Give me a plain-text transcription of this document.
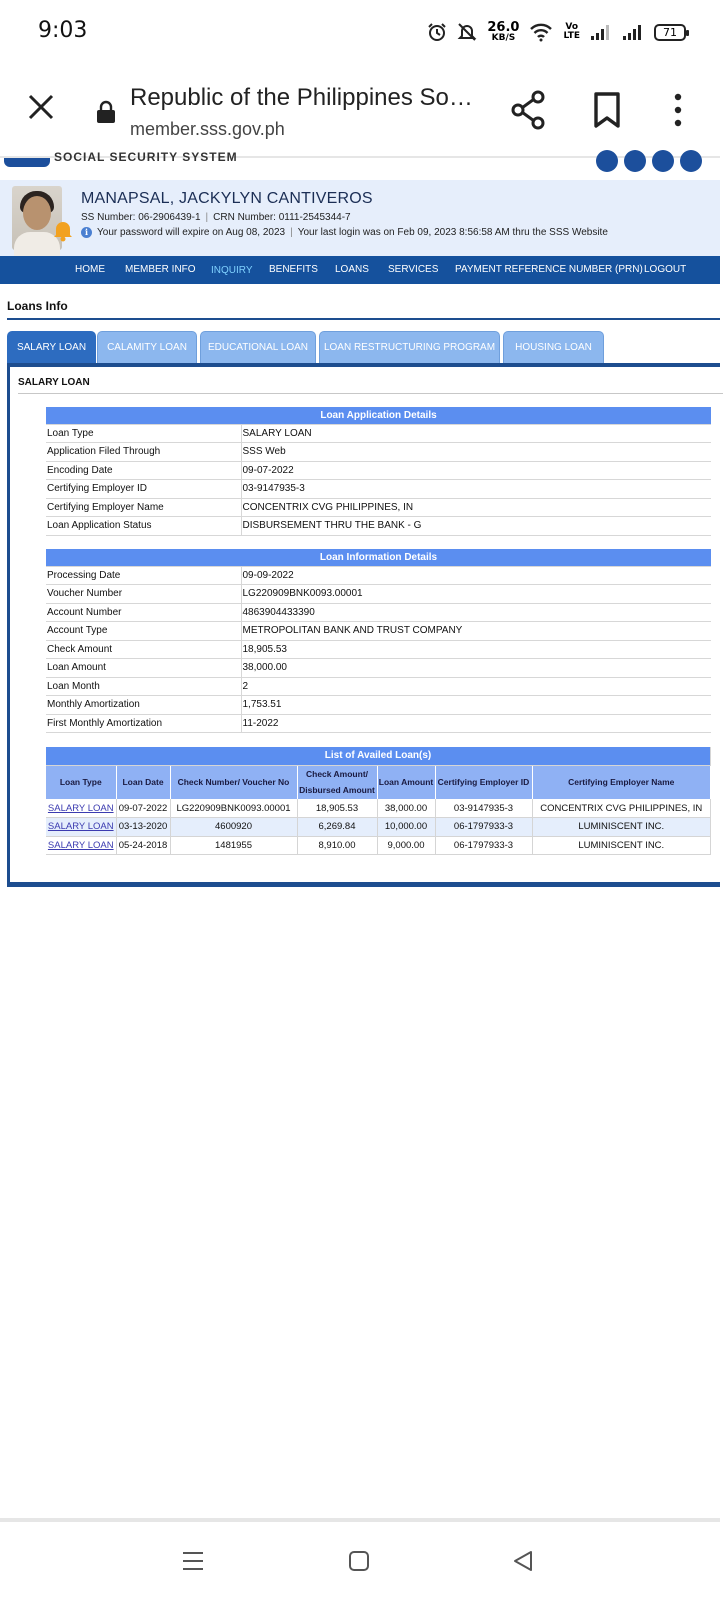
9:03	26.0
KB/S
Vo
LTE	71
Republic of the Philippines So…
member.sss.gov.ph
SOCIAL SECURITY SYSTEM
MANAPSAL, JACKYLYN CANTIVEROS
SS Number: 06-2906439-1 | CRN Number: 0111-2545344-7
i Your password will expire on Aug 08, 2023 | Your last login was on Feb 09, 2023 8:56:58 AM thru the SSS Website
HOME MEMBER INFO INQUIRY BENEFITS LOANS SERVICES PAYMENT REFERENCE NUMBER (PRN) LOGOUT
Loans Info
SALARY LOAN	CALAMITY LOAN	EDUCATIONAL LOAN	LOAN RESTRUCTURING PROGRAM	HOUSING LOAN
SALARY LOAN
Loan Application Details	
Loan Type	SALARY LOAN
Application Filed Through	SSS Web
Encoding Date	09-07-2022
Certifying Employer ID	03-9147935-3
Certifying Employer Name	CONCENTRIX CVG PHILIPPINES, IN
Loan Application Status	DISBURSEMENT THRU THE BANK - G
Loan Information Details	
Processing Date	09-09-2022
Voucher Number	LG220909BNK0093.00001
Account Number	4863904433390
Account Type	METROPOLITAN BANK AND TRUST COMPANY
Check Amount	18,905.53
Loan Amount	38,000.00
Loan Month	2
Monthly Amortization	1,753.51
First Monthly Amortization	11-2022
List of Availed Loan(s)						
Loan Type	Loan Date	Check Number/ Voucher No	Check Amount/ Disbursed Amount	Loan Amount	Certifying Employer ID	Certifying Employer Name
SALARY LOAN	09-07-2022	LG220909BNK0093.00001	18,905.53	38,000.00	03-9147935-3	CONCENTRIX CVG PHILIPPINES, IN
SALARY LOAN	03-13-2020	4600920	6,269.84	10,000.00	06-1797933-3	LUMINISCENT INC.
SALARY LOAN	05-24-2018	1481955	8,910.00	9,000.00	06-1797933-3	LUMINISCENT INC.
